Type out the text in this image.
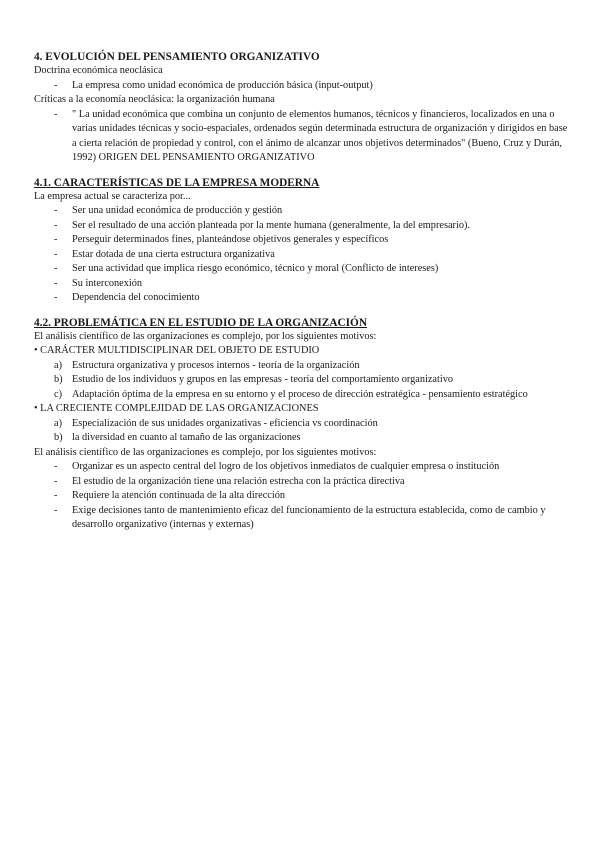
4. EVOLUCIÓN DEL PENSAMIENTO ORGANIZATIVO

Doctrina económica neoclásica

- La empresa como unidad económica de producción básica (input-output)

Críticas a la economía neoclásica: la organización humana

- " La unidad económica que combina un conjunto de elementos humanos, técnicos y financieros, localizados en una o varias unidades técnicas y socio-espaciales, ordenados según determinada estructura de organización y dirigidos en base a cierta relación de propiedad y control, con el ánimo de alcanzar unos objetivos determinados" (Bueno, Cruz y Durán, 1992) ORIGEN DEL PENSAMIENTO ORGANIZATIVO

4.1. CARACTERÍSTICAS DE LA EMPRESA MODERNA

La empresa actual se caracteriza por...

- Ser una unidad económica de producción y gestión

- Ser el resultado de una acción planteada por la mente humana (generalmente, la del empresario).

- Perseguir determinados fines, planteándose objetivos generales y específicos

- Estar dotada de una cierta estructura organizativa

- Ser una actividad que implica riesgo económico, técnico y moral (Conflicto de intereses)

- Su interconexión

- Dependencia del conocimiento

4.2. PROBLEMÁTICA EN EL ESTUDIO DE LA ORGANIZACIÓN

El análisis científico de las organizaciones es complejo, por los siguientes motivos:

• CARÁCTER MULTIDISCIPLINAR DEL OBJETO DE ESTUDIO

a) Estructura organizativa y procesos internos - teoría de la organización

b) Estudio de los individuos y grupos en las empresas - teoría del comportamiento organizativo

c) Adaptación óptima de la empresa en su entorno y el proceso de dirección estratégica - pensamiento estratégico

• LA CRECIENTE COMPLEJIDAD DE LAS ORGANIZACIONES

a) Especialización de sus unidades organizativas - eficiencia vs coordinación

b) la diversidad en cuanto al tamaño de las organizaciones

El análisis científico de las organizaciones es complejo, por los siguientes motivos:

- Organizar es un aspecto central del logro de los objetivos inmediatos de cualquier empresa o institución

- El estudio de la organización tiene una relación estrecha con la práctica directiva

- Requiere la atención continuada de la alta dirección

- Exige decisiones tanto de mantenimiento eficaz del funcionamiento de la estructura establecida, como de cambio y desarrollo organizativo (internas y externas)
